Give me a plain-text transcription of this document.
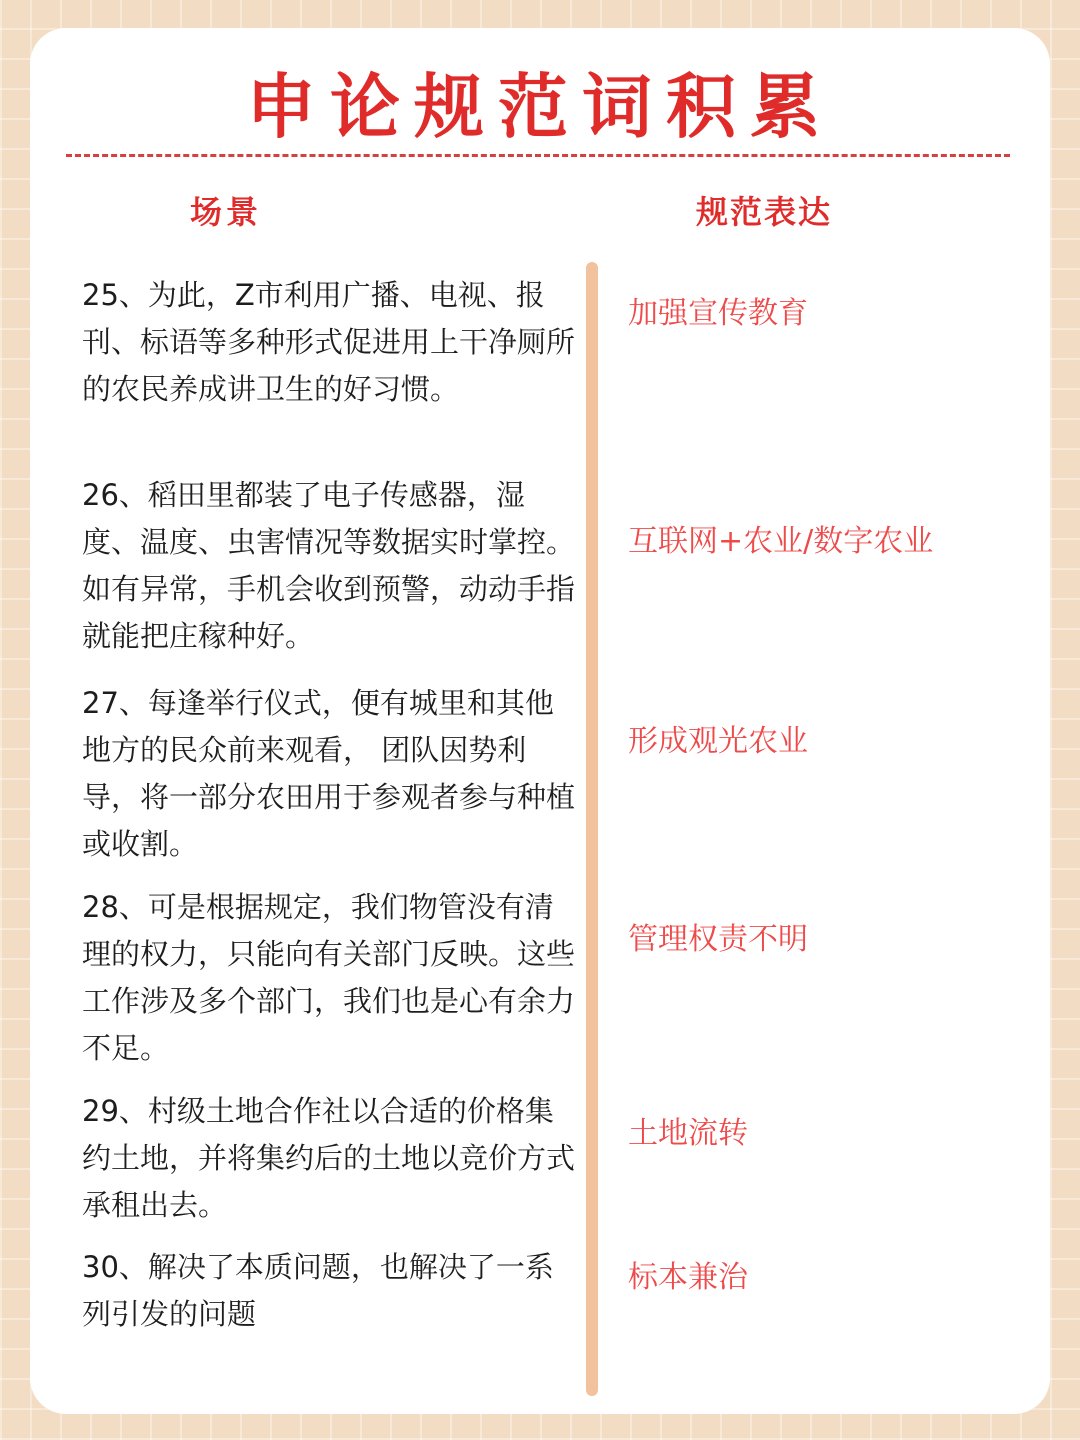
申论规范词积累
场景	规范表达
25、为此，Z市利用广播、电视、报刊、标语等多种形式促进用上干净厕所的农民养成讲卫生的好习惯。
加强宣传教育
26、稻田里都装了电子传感器，湿度、温度、虫害情况等数据实时掌控。如有异常，手机会收到预警，动动手指就能把庄稼种好。
互联网+农业/数字农业
27、每逢举行仪式，便有城里和其他地方的民众前来观看， 团队因势利导，将一部分农田用于参观者参与种植或收割。
形成观光农业
28、可是根据规定，我们物管没有清理的权力，只能向有关部门反映。这些工作涉及多个部门，我们也是心有余力不足。
管理权责不明
29、村级土地合作社以合适的价格集约土地，并将集约后的土地以竞价方式承租出去。
土地流转
30、解决了本质问题，也解决了一系列引发的问题
标本兼治
